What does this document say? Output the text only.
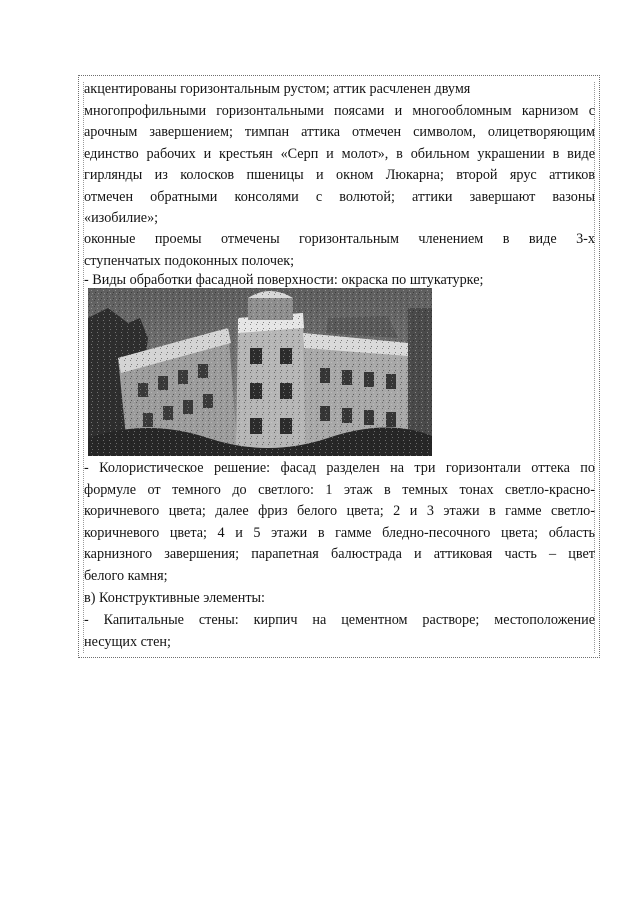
акцентированы горизонтальным рустом; аттик расчленен двумя
многопрофильными горизонтальными поясами и многообломным карнизом с
арочным завершением; тимпан аттика отмечен символом, олицетворяющим
единство рабочих и крестьян «Серп и молот», в обильном украшении в виде
гирлянды из колосков пшеницы и окном Люкарна; второй ярус аттиков
отмечен обратными консолями с волютой; аттики завершают вазоны
«изобилие»;
оконные проемы отмечены горизонтальным членением в виде 3-х
ступенчатых подоконных полочек;
- Виды обработки фасадной поверхности: окраска по штукатурке;
- Колористическое решение: фасад разделен на три горизонтали оттека по
формуле от темного до светлого: 1 этаж в темных тонах светло-красно-
коричневого цвета; далее фриз белого цвета; 2 и 3 этажи в гамме светло-
коричневого цвета; 4 и 5 этажи в гамме бледно-песочного цвета; область
карнизного завершения; парапетная балюстрада и аттиковая часть – цвет
белого камня;
в) Конструктивные элементы:
- Капитальные стены: кирпич на цементном растворе; местоположение
несущих стен;
